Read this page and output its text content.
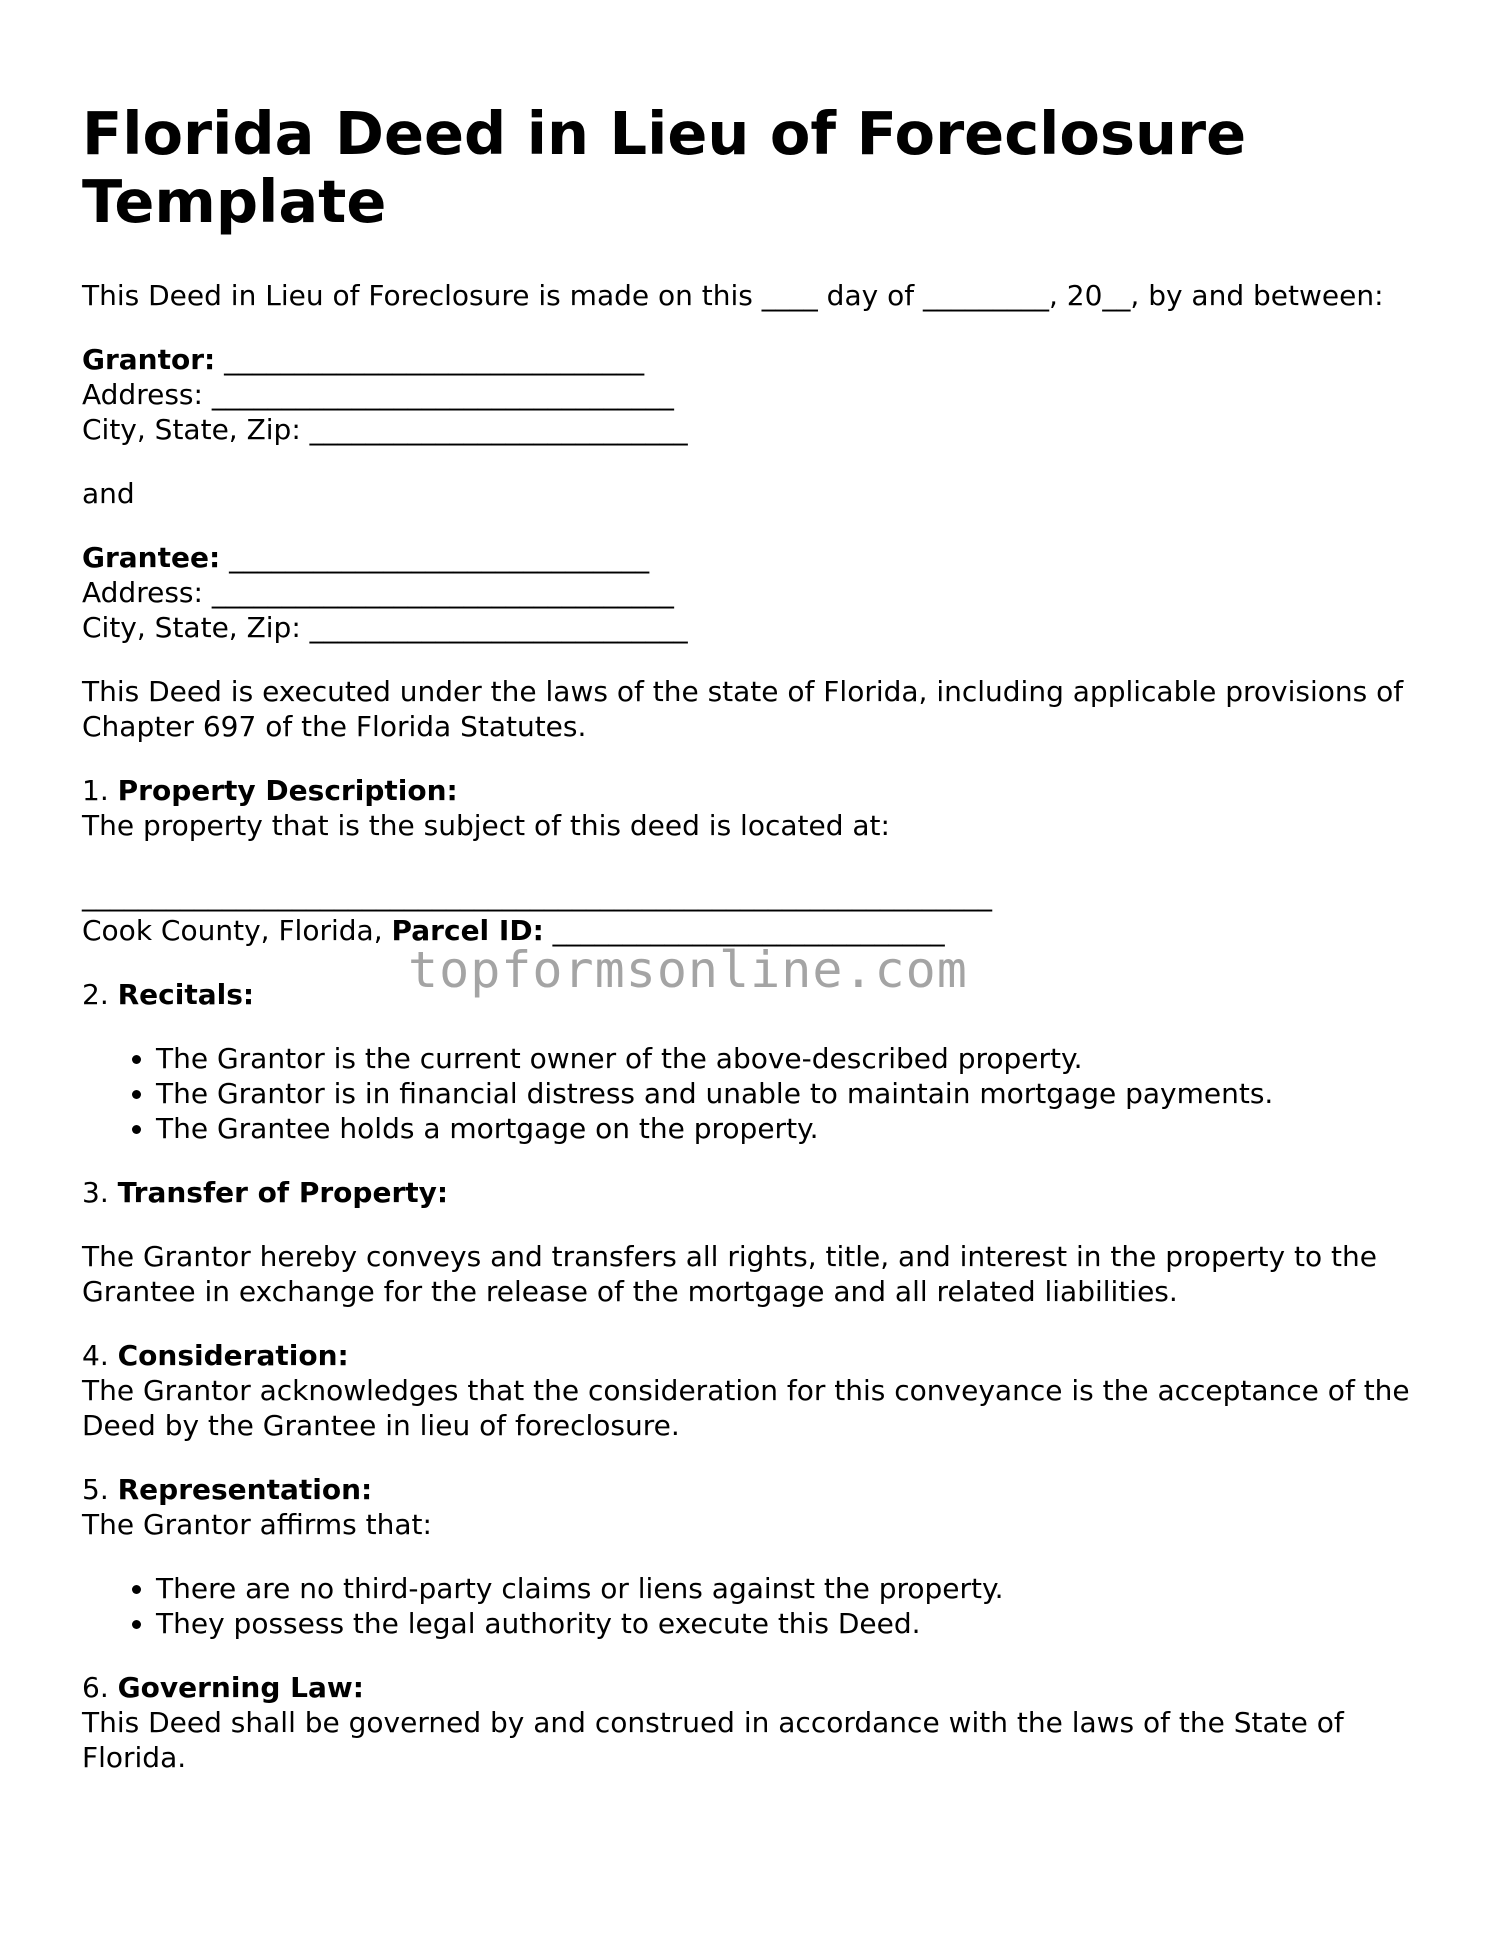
Florida Deed in Lieu of Foreclosure Template

This Deed in Lieu of Foreclosure is made on this ____ day of _________, 20__, by and between:

Grantor: ______________________________
Address: _________________________________
City, State, Zip: ___________________________

and

Grantee: ______________________________
Address: _________________________________
City, State, Zip: ___________________________

This Deed is executed under the laws of the state of Florida, including applicable provisions of Chapter 697 of the Florida Statutes.

1. Property Description:
The property that is the subject of this deed is located at:

_________________________________________________________________
Cook County, Florida, Parcel ID: ____________________________

2. Recitals:

• The Grantor is the current owner of the above-described property.
• The Grantor is in financial distress and unable to maintain mortgage payments.
• The Grantee holds a mortgage on the property.

3. Transfer of Property:

The Grantor hereby conveys and transfers all rights, title, and interest in the property to the Grantee in exchange for the release of the mortgage and all related liabilities.

4. Consideration:
The Grantor acknowledges that the consideration for this conveyance is the acceptance of the Deed by the Grantee in lieu of foreclosure.

5. Representation:
The Grantor affirms that:

• There are no third-party claims or liens against the property.
• They possess the legal authority to execute this Deed.

6. Governing Law:
This Deed shall be governed by and construed in accordance with the laws of the State of Florida.

topformsonline.com
